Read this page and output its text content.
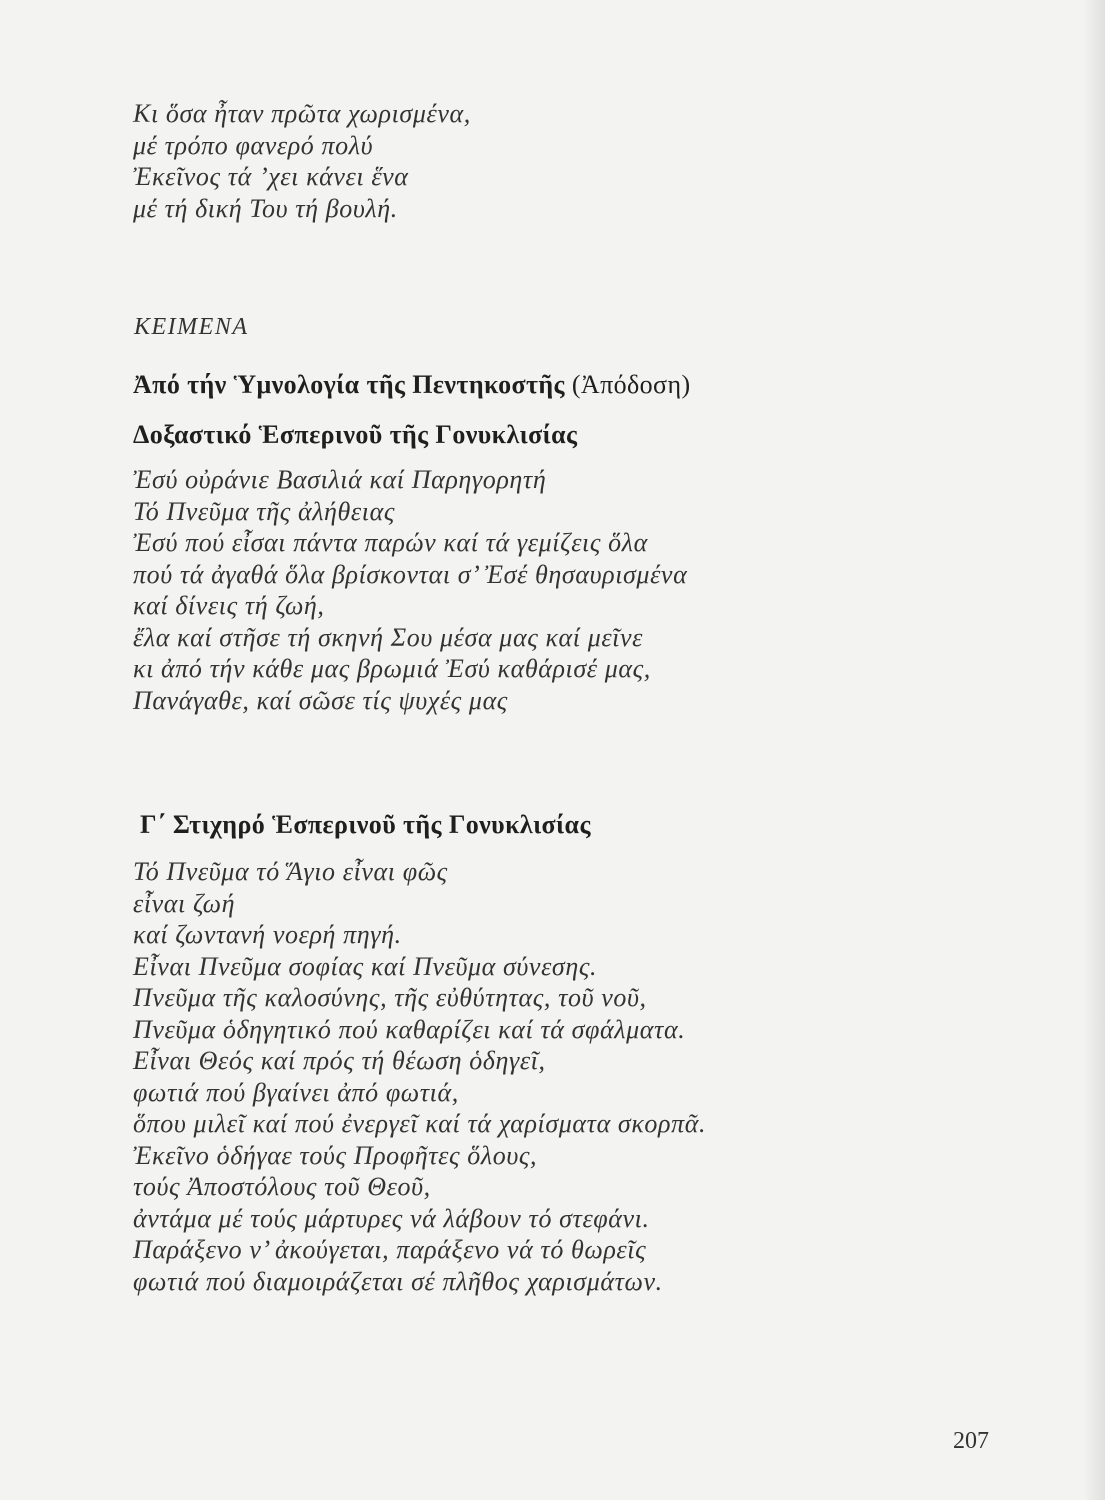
Κι ὅσα ἦταν πρῶτα χωρισμένα,
μέ τρόπο φανερό πολύ
Ἐκεῖνος τά ’χει κάνει ἕνα
μέ τή δική Του τή βουλή.
ΚΕΙΜΕΝΑ
Ἀπό τήν Ὑμνολογία τῆς Πεντηκοστῆς (Ἀπόδοση)
Δοξαστικό Ἑσπερινοῦ τῆς Γονυκλισίας
Ἐσύ οὐράνιε Βασιλιά καί Παρηγορητή
Τό Πνεῦμα τῆς ἀλήθειας
Ἐσύ πού εἶσαι πάντα παρών καί τά γεμίζεις ὅλα
πού τά ἀγαθά ὅλα βρίσκονται σ’ Ἐσέ θησαυρισμένα
καί δίνεις τή ζωή,
ἔλα καί στῆσε τή σκηνή Σου μέσα μας καί μεῖνε
κι ἀπό τήν κάθε μας βρωμιά Ἐσύ καθάρισέ μας,
Πανάγαθε, καί σῶσε τίς ψυχές μας
Γ΄ Στιχηρό Ἑσπερινοῦ τῆς Γονυκλισίας
Τό Πνεῦμα τό Ἅγιο εἶναι φῶς
εἶναι ζωή
καί ζωντανή νοερή πηγή.
Εἶναι Πνεῦμα σοφίας καί Πνεῦμα σύνεσης.
Πνεῦμα τῆς καλοσύνης, τῆς εὐθύτητας, τοῦ νοῦ,
Πνεῦμα ὁδηγητικό πού καθαρίζει καί τά σφάλματα.
Εἶναι Θεός καί πρός τή θέωση ὁδηγεῖ,
φωτιά πού βγαίνει ἀπό φωτιά,
ὅπου μιλεῖ καί πού ἐνεργεῖ καί τά χαρίσματα σκορπᾶ.
Ἐκεῖνο ὁδήγαε τούς Προφῆτες ὅλους,
τούς Ἀποστόλους τοῦ Θεοῦ,
ἀντάμα μέ τούς μάρτυρες νά λάβουν τό στεφάνι.
Παράξενο ν’ ἀκούγεται, παράξενο νά τό θωρεῖς
φωτιά πού διαμοιράζεται σέ πλῆθος χαρισμάτων.
207
